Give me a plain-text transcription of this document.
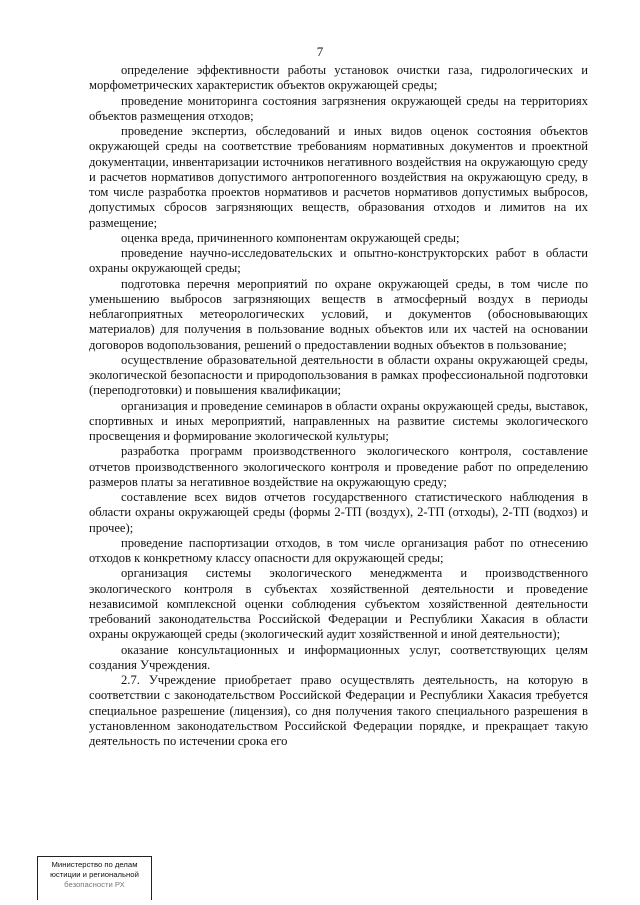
7

определение эффективности работы установок очистки газа, гидрологических и морфометрических характеристик объектов окружающей среды;

проведение мониторинга состояния загрязнения окружающей среды на территориях объектов размещения отходов;

проведение экспертиз, обследований и иных видов оценок состояния объектов окружающей среды на соответствие требованиям нормативных документов и проектной документации, инвентаризации источников негативного воздействия на окружающую среду и расчетов нормативов допустимого антропогенного воздействия на окружающую среду, в том числе разработка проектов нормативов и расчетов нормативов допустимых выбросов, допустимых сбросов загрязняющих веществ, образования отходов и лимитов на их размещение;

оценка вреда, причиненного компонентам окружающей среды;

проведение научно-исследовательских и опытно-конструкторских работ в области охраны окружающей среды;

подготовка перечня мероприятий по охране окружающей среды, в том числе по уменьшению выбросов загрязняющих веществ в атмосферный воздух в периоды неблагоприятных метеорологических условий, и документов (обосновывающих материалов) для получения в пользование водных объектов или их частей на основании договоров водопользования, решений о предоставлении водных объектов в пользование;

осуществление образовательной деятельности в области охраны окружающей среды, экологической безопасности и природопользования в рамках профессиональной подготовки (переподготовки) и повышения квалификации;

организация и проведение семинаров в области охраны окружающей среды, выставок, спортивных и иных мероприятий, направленных на развитие системы экологического просвещения и формирование экологической культуры;

разработка программ производственного экологического контроля, составление отчетов производственного экологического контроля и проведение работ по определению размеров платы за негативное воздействие на окружающую среду;

составление всех видов отчетов государственного статистического наблюдения в области охраны окружающей среды (формы 2-ТП (воздух), 2-ТП (отходы), 2-ТП (водхоз) и прочее);

проведение паспортизации отходов, в том числе организация работ по отнесению отходов к конкретному классу опасности для окружающей среды;

организация системы экологического менеджмента и производственного экологического контроля в субъектах хозяйственной деятельности и проведение независимой комплексной оценки соблюдения субъектом хозяйственной деятельности требований законодательства Российской Федерации и Республики Хакасия в области охраны окружающей среды (экологический аудит хозяйственной и иной деятельности);

оказание консультационных и информационных услуг, соответствующих целям создания Учреждения.

2.7. Учреждение приобретает право осуществлять деятельность, на которую в соответствии с законодательством Российской Федерации и Республики Хакасия требуется специальное разрешение (лицензия), со дня получения такого специального разрешения в установленном законодательством Российской Федерации порядке, и прекращает такую деятельность по истечении срока его

Министерство по делам
юстиции и региональной
безопасности РХ
